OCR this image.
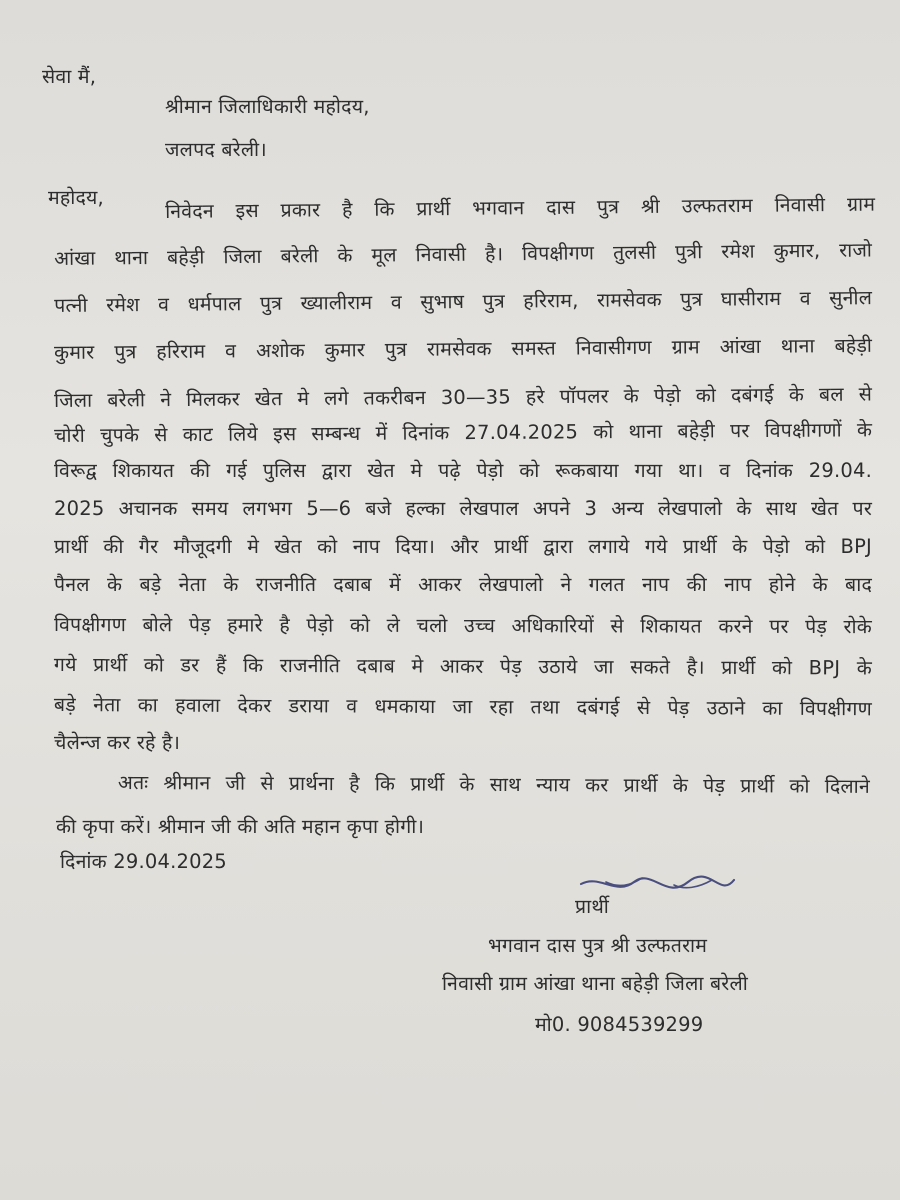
सेवा मैं,
श्रीमान जिलाधिकारी महोदय,
जलपद बरेली।
महोदय,	निवेदन इस प्रकार है कि प्रार्थी भगवान दास पुत्र श्री उल्फतराम निवासी ग्राम
आंखा थाना बहेड़ी जिला बरेली के मूल निवासी है। विपक्षीगण तुलसी पुत्री रमेश कुमार, राजो
पत्नी रमेश व धर्मपाल पुत्र ख्यालीराम व सुभाष पुत्र हरिराम, रामसेवक पुत्र घासीराम व सुनील
कुमार पुत्र हरिराम व अशोक कुमार पुत्र रामसेवक समस्त निवासीगण ग्राम आंखा थाना बहेड़ी
जिला बरेली ने मिलकर खेत मे लगे तकरीबन 30—35 हरे पॉपलर के पेड़ो को दबंगई के बल से
चोरी चुपके से काट लिये इस सम्बन्ध में दिनांक 27.04.2025 को थाना बहेड़ी पर विपक्षीगणों के
विरूद्व शिकायत की गई पुलिस द्वारा खेत मे पढ़े पेड़ो को रूकबाया गया था। व दिनांक 29.04.
2025 अचानक समय लगभग 5—6 बजे हल्का लेखपाल अपने 3 अन्य लेखपालो के साथ खेत पर
प्रार्थी की गैर मौजूदगी मे खेत को नाप दिया। और प्रार्थी द्वारा लगाये गये प्रार्थी के पेड़ो को BPJ
पैनल के बड़े नेता के राजनीति दबाब में आकर लेखपालो ने गलत नाप की नाप होने के बाद
विपक्षीगण बोले पेड़ हमारे है पेड़ो को ले चलो उच्च अधिकारियों से शिकायत करने पर पेड़ रोके
गये प्रार्थी को डर हैं कि राजनीति दबाब मे आकर पेड़ उठाये जा सकते है। प्रार्थी को BPJ के
बड़े नेता का हवाला देकर डराया व धमकाया जा रहा तथा दबंगई से पेड़ उठाने का विपक्षीगण
चैलेन्ज कर रहे है।
अतः श्रीमान जी से प्रार्थना है कि प्रार्थी के साथ न्याय कर प्रार्थी के पेड़ प्रार्थी को दिलाने
की कृपा करें। श्रीमान जी की अति महान कृपा होगी।
दिनांक 29.04.2025
प्रार्थी
भगवान दास पुत्र श्री उल्फतराम
निवासी ग्राम आंखा थाना बहेड़ी जिला बरेली
मो0. 9084539299
